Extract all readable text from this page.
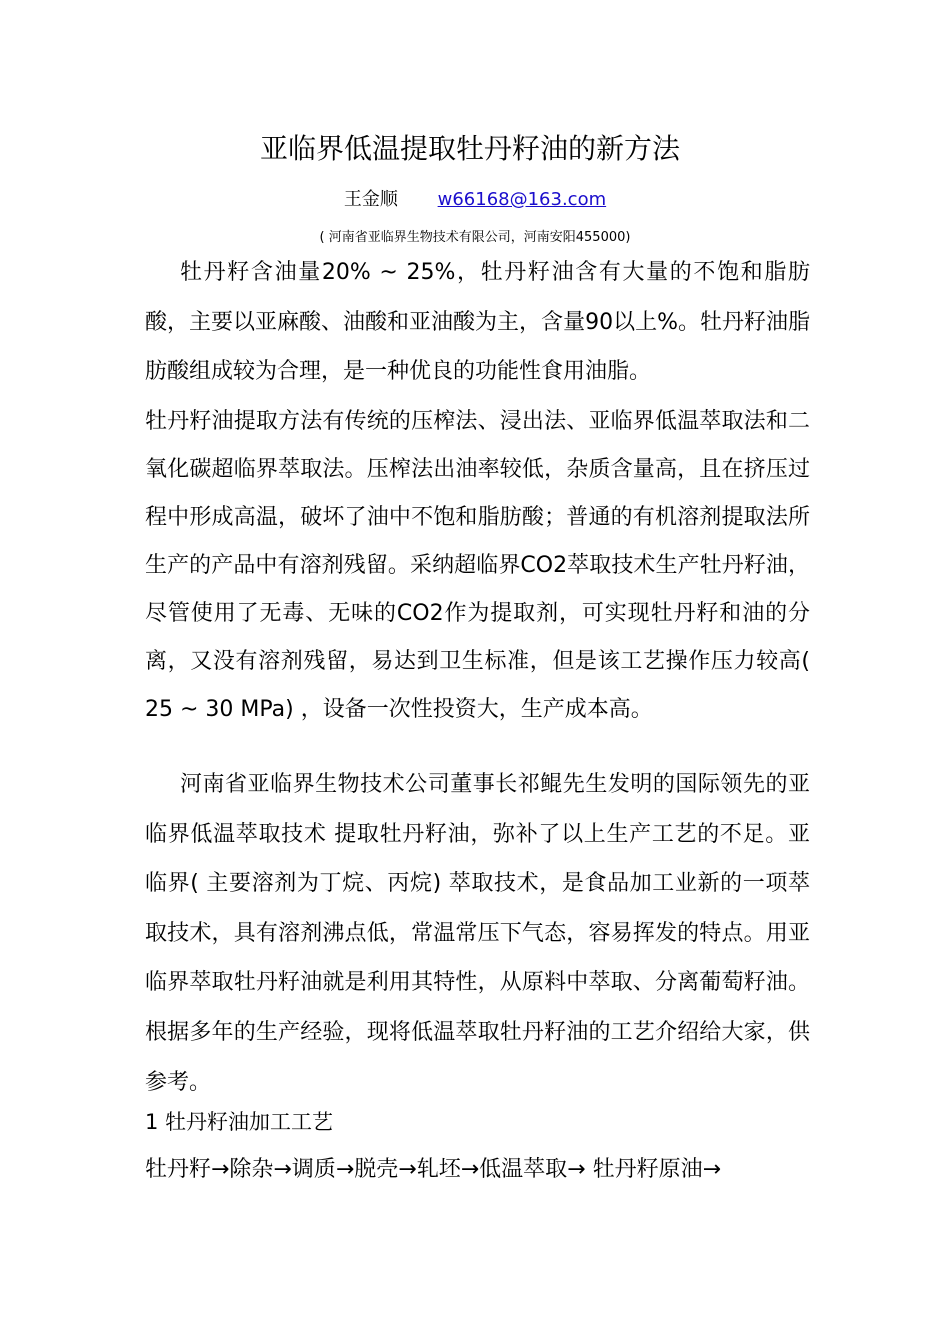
亚临界低温提取牡丹籽油的新方法
王金顺 w66168@163.com
( 河南省亚临界生物技术有限公司，河南安阳455000)

牡丹籽含油量20% ~ 25%，牡丹籽油含有大量的不饱和脂肪酸，主要以亚麻酸、油酸和亚油酸为主，含量90以上%。牡丹籽油脂肪酸组成较为合理，是一种优良的功能性食用油脂。

牡丹籽油提取方法有传统的压榨法、浸出法、亚临界低温萃取法和二氧化碳超临界萃取法。压榨法出油率较低，杂质含量高，且在挤压过程中形成高温，破坏了油中不饱和脂肪酸；普通的有机溶剂提取法所生产的产品中有溶剂残留。采纳超临界CO2萃取技术生产牡丹籽油，尽管使用了无毒、无味的CO2作为提取剂，可实现牡丹籽和油的分离，又没有溶剂残留，易达到卫生标准，但是该工艺操作压力较高( 25 ~ 30 MPa) ，设备一次性投资大，生产成本高。

河南省亚临界生物技术公司董事长祁鲲先生发明的国际领先的亚临界低温萃取技术 提取牡丹籽油，弥补了以上生产工艺的不足。亚临界( 主要溶剂为丁烷、丙烷) 萃取技术，是食品加工业新的一项萃取技术，具有溶剂沸点低，常温常压下气态，容易挥发的特点。用亚临界萃取牡丹籽油就是利用其特性，从原料中萃取、分离葡萄籽油。根据多年的生产经验，现将低温萃取牡丹籽油的工艺介绍给大家，供参考。

1 牡丹籽油加工工艺

牡丹籽→除杂→调质→脱壳→轧坯→低温萃取→ 牡丹籽原油→
